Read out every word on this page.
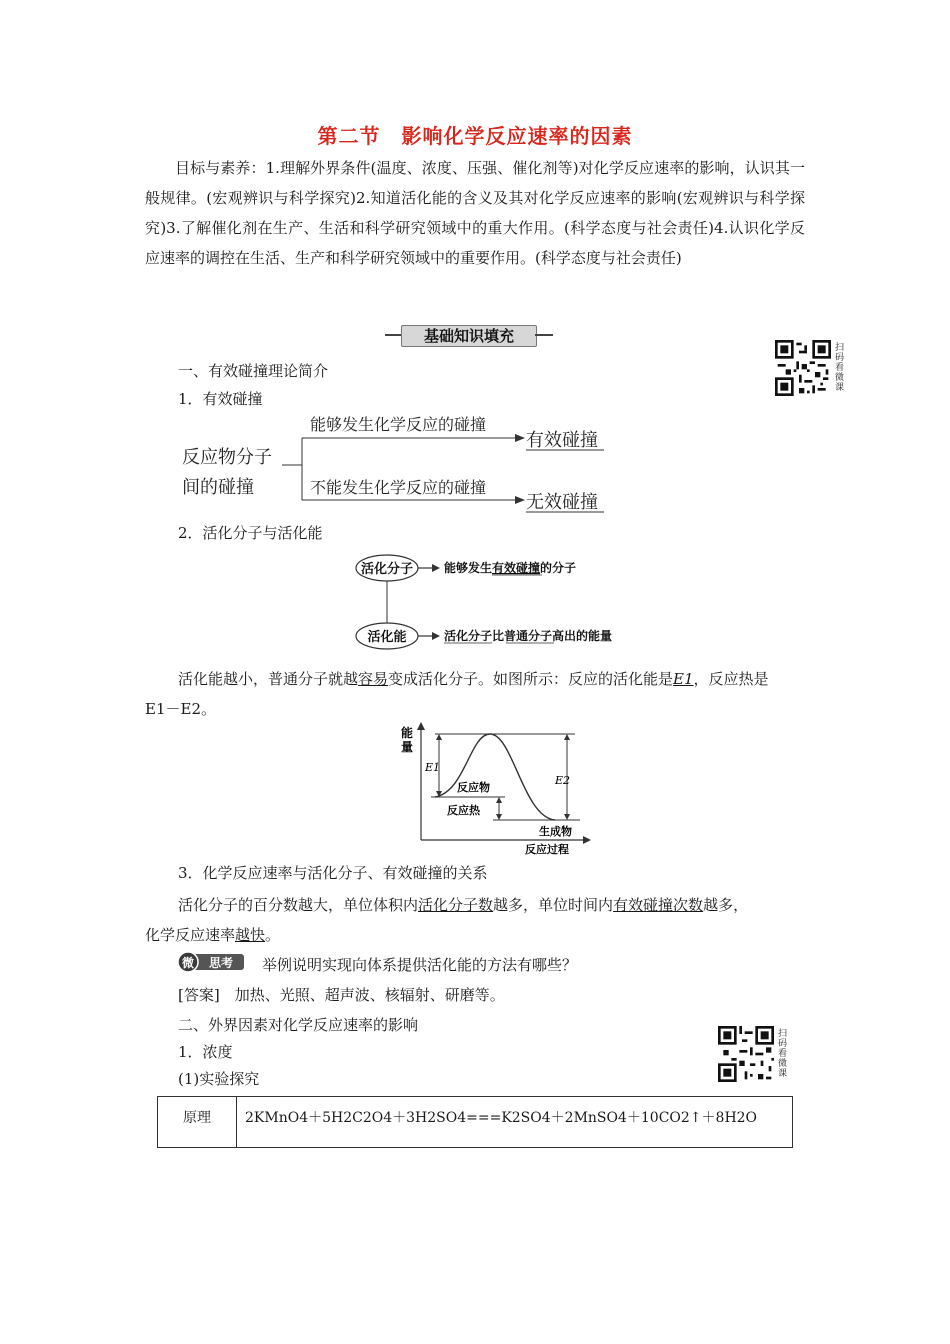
第二节　影响化学反应速率的因素
目标与素养：1.理解外界条件(温度、浓度、压强、催化剂等)对化学反应速率的影响，认识其一般规律。(宏观辨识与科学探究)2.知道活化能的含义及其对化学反应速率的影响(宏观辨识与科学探究)3.了解催化剂在生产、生活和科学研究领域中的重大作用。(科学态度与社会责任)4.认识化学反应速率的调控在生活、生产和科学研究领域中的重要作用。(科学态度与社会责任)
基础知识填充
扫码看微课
一、有效碰撞理论简介
1．有效碰撞
反应物分子
间的碰撞
能够发生化学反应的碰撞
不能发生化学反应的碰撞
有效碰撞
无效碰撞
2．活化分子与活化能
活化分子
活化能
能够发生有效碰撞的分子
活化分子比普通分子高出的能量
活化能越小，普通分子就越容易变成活化分子。如图所示：反应的活化能是E1，反应热是
E1－E2。
能
量
E1
E2
反应物
反应热
生成物
反应过程
3．化学反应速率与活化分子、有效碰撞的关系
活化分子的百分数越大，单位体积内活化分子数越多，单位时间内有效碰撞次数越多，
化学反应速率越快。
微 思考 举例说明实现向体系提供活化能的方法有哪些？
[答案]　 加热、光照、超声波、核辐射、研磨等。
二、外界因素对化学反应速率的影响
1．浓度
(1)实验探究
扫码看微课
原理	2KMnO4＋5H2C2O4＋3H2SO4===K2SO4＋2MnSO4＋10CO2↑＋8H2O
